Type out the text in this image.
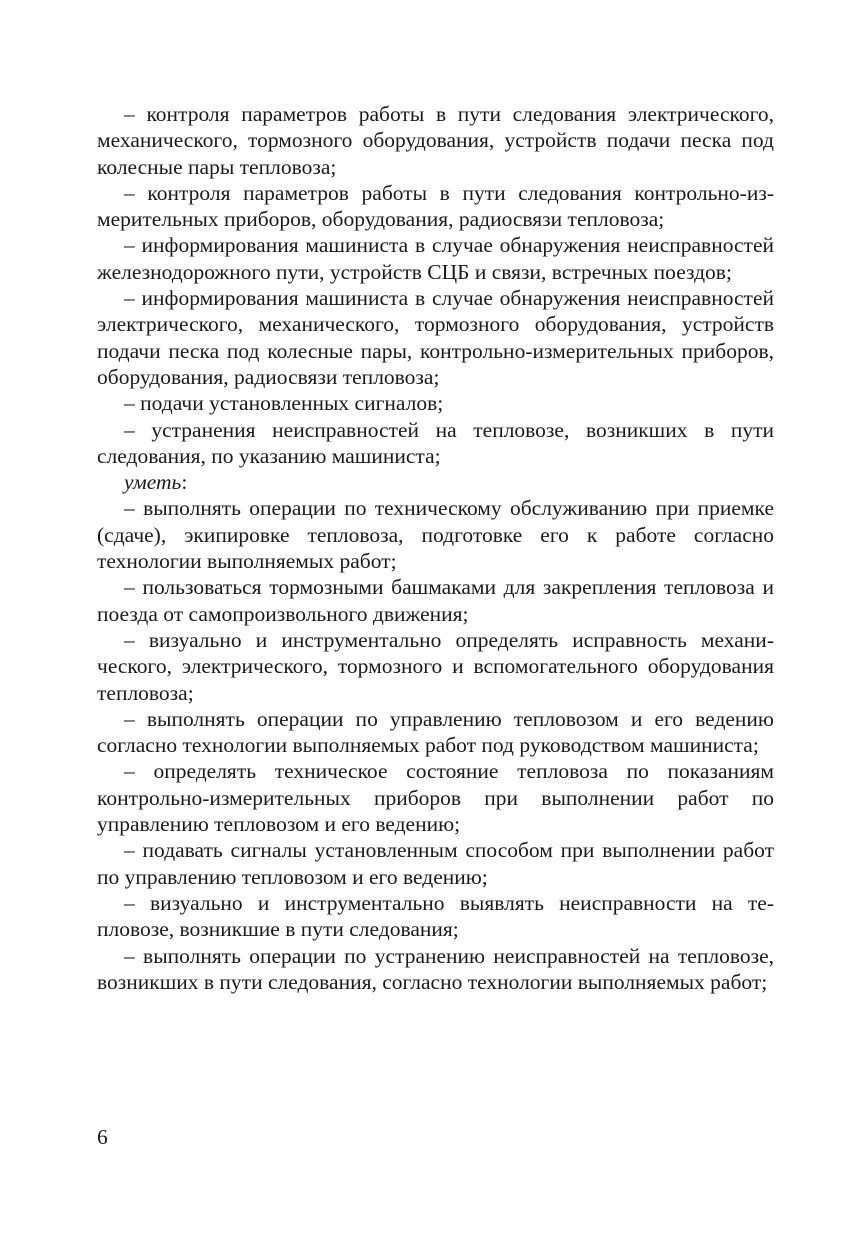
– контроля параметров работы в пути следования электрического, механического, тормозного оборудования, устройств подачи песка под колесные пары тепловоза;

– контроля параметров работы в пути следования контрольно-измерительных приборов, оборудования, радиосвязи тепловоза;

– информирования машиниста в случае обнаружения неисправностей железнодорожного пути, устройств СЦБ и связи, встречных поездов;

– информирования машиниста в случае обнаружения неисправностей электрического, механического, тормозного оборудования, устройств подачи песка под колесные пары, контрольно-измерительных приборов, оборудования, радиосвязи тепловоза;

– подачи установленных сигналов;

– устранения неисправностей на тепловозе, возникших в пути следования, по указанию машиниста;

уметь:

– выполнять операции по техническому обслуживанию при приемке (сдаче), экипировке тепловоза, подготовке его к работе согласно технологии выполняемых работ;

– пользоваться тормозными башмаками для закрепления тепловоза и поезда от самопроизвольного движения;

– визуально и инструментально определять исправность механического, электрического, тормозного и вспомогательного оборудования тепловоза;

– выполнять операции по управлению тепловозом и его ведению согласно технологии выполняемых работ под руководством машиниста;

– определять техническое состояние тепловоза по показаниям контрольно-измерительных приборов при выполнении работ по управлению тепловозом и его ведению;

– подавать сигналы установленным способом при выполнении работ по управлению тепловозом и его ведению;

– визуально и инструментально выявлять неисправности на тепловозе, возникшие в пути следования;

– выполнять операции по устранению неисправностей на тепловозе, возникших в пути следования, согласно технологии выполняемых работ;

6
